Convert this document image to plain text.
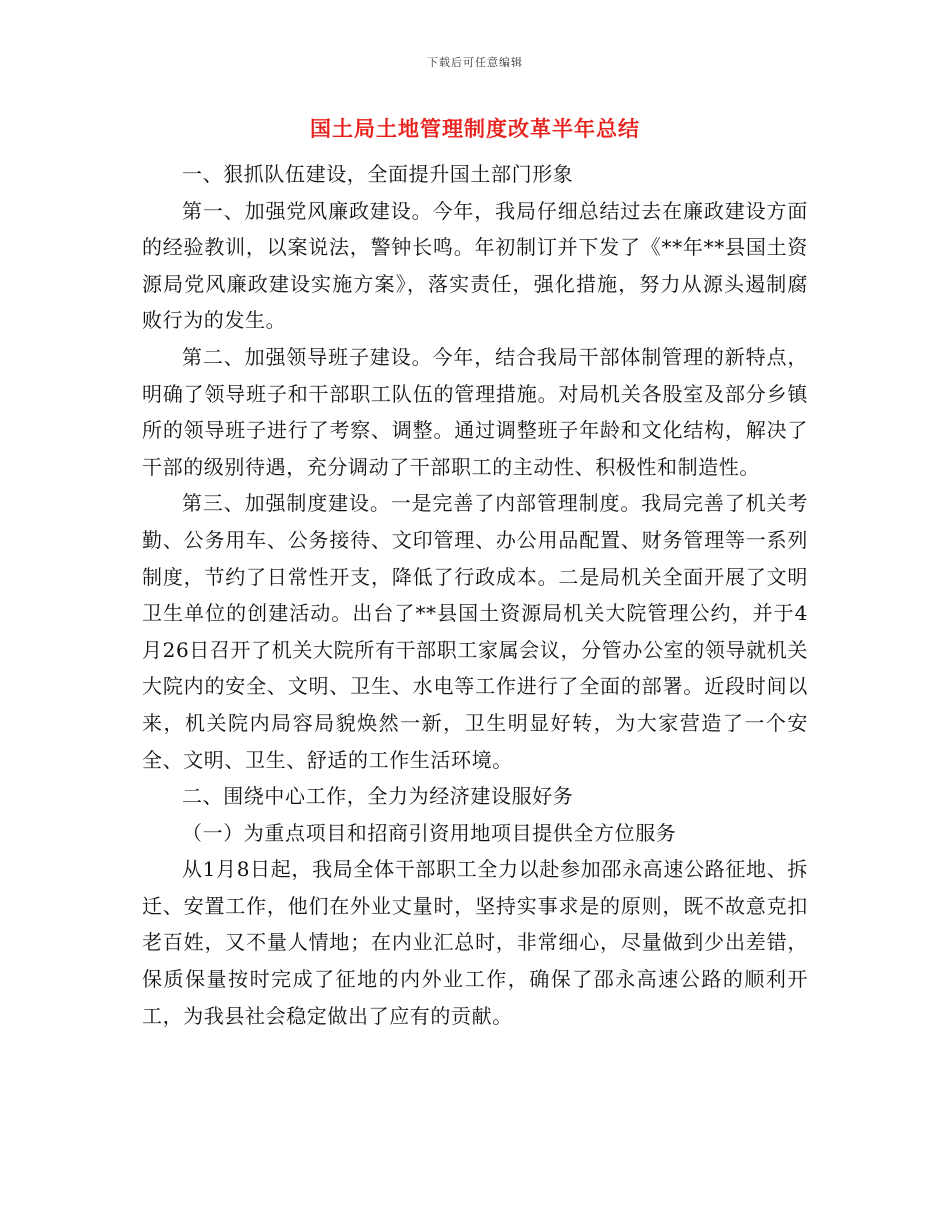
下载后可任意编辑
国土局土地管理制度改革半年总结

一、狠抓队伍建设，全面提升国土部门形象

第一、加强党风廉政建设。今年，我局仔细总结过去在廉政建设方面的经验教训，以案说法，警钟长鸣。年初制订并下发了《**年**县国土资源局党风廉政建设实施方案》，落实责任，强化措施，努力从源头遏制腐败行为的发生。

第二、加强领导班子建设。今年，结合我局干部体制管理的新特点，明确了领导班子和干部职工队伍的管理措施。对局机关各股室及部分乡镇所的领导班子进行了考察、调整。通过调整班子年龄和文化结构，解决了干部的级别待遇，充分调动了干部职工的主动性、积极性和制造性。

第三、加强制度建设。一是完善了内部管理制度。我局完善了机关考勤、公务用车、公务接待、文印管理、办公用品配置、财务管理等一系列制度，节约了日常性开支，降低了行政成本。二是局机关全面开展了文明卫生单位的创建活动。出台了**县国土资源局机关大院管理公约，并于4月26日召开了机关大院所有干部职工家属会议，分管办公室的领导就机关大院内的安全、文明、卫生、水电等工作进行了全面的部署。近段时间以来，机关院内局容局貌焕然一新，卫生明显好转，为大家营造了一个安全、文明、卫生、舒适的工作生活环境。

二、围绕中心工作，全力为经济建设服好务

（一）为重点项目和招商引资用地项目提供全方位服务

从1月8日起，我局全体干部职工全力以赴参加邵永高速公路征地、拆迁、安置工作，他们在外业丈量时，坚持实事求是的原则，既不故意克扣老百姓，又不量人情地；在内业汇总时，非常细心，尽量做到少出差错，保质保量按时完成了征地的内外业工作，确保了邵永高速公路的顺利开工，为我县社会稳定做出了应有的贡献。
